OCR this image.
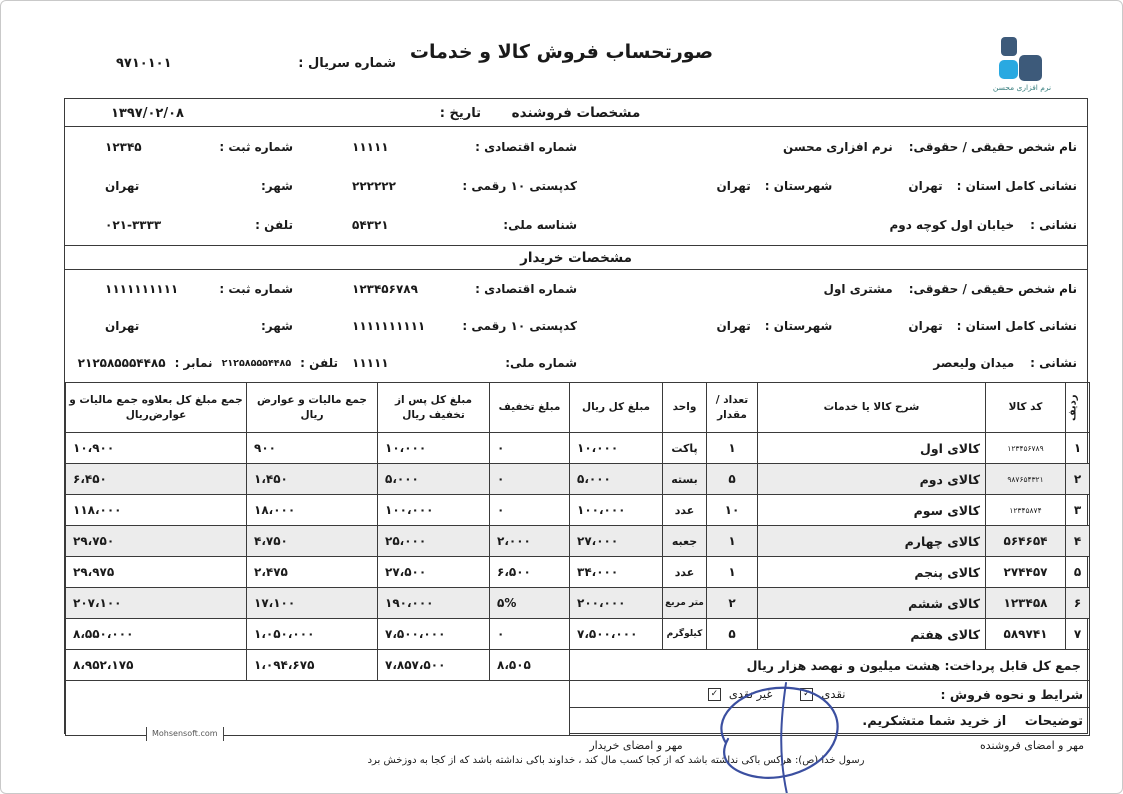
صورتحساب فروش کالا و خدمات
شماره سریال :
۹۷۱۰۱۰۱
نرم افزاری محسن
مشخصات فروشنده
تاریخ :
۱۳۹۷/۰۲/۰۸
نام شخص حقیقی / حقوقی:
نرم افزاری محسن
شماره اقتصادی :
۱۱۱۱۱
شماره ثبت :
۱۲۳۴۵
نشانی کامل استان :
تهران
شهرستان :
تهران
کدپستی ۱۰ رقمی :
۲۲۲۲۲۲
شهر:
تهران
نشانی :
خیابان اول کوچه دوم
شناسه ملی:
۵۴۳۲۱
تلفن :
۰۲۱-۳۳۳۳
مشخصات خریدار
نام شخص حقیقی / حقوقی:
مشتری اول
شماره اقتصادی :
۱۲۳۴۵۶۷۸۹
شماره ثبت :
۱۱۱۱۱۱۱۱۱۱
نشانی کامل استان :
تهران
شهرستان :
تهران
کدپستی ۱۰ رقمی :
۱۱۱۱۱۱۱۱۱۱
شهر:
تهران
نشانی :
میدان ولیعصر
شماره ملی:
۱۱۱۱۱
تلفن :
۲۱۲۵۸۵۵۵۴۴۸۵
نمابر :
۲۱۲۵۸۵۵۵۴۴۸۵
ردیف	کد کالا	شرح کالا یا خدمات	تعداد / مقدار	واحد	مبلغ کل ریال	مبلغ تخفیف	مبلغ کل پس از تخفیف ریال	جمع مالیات و عوارض ریال	جمع مبلغ کل بعلاوه جمع مالیات و عوارض‌ریال
۱	۱۲۳۴۵۶۷۸۹	کالای اول	۱	پاکت	۱۰،۰۰۰	۰	۱۰،۰۰۰	۹۰۰	۱۰،۹۰۰
۲	۹۸۷۶۵۴۳۲۱	کالای دوم	۵	بسته	۵،۰۰۰	۰	۵،۰۰۰	۱،۴۵۰	۶،۴۵۰
۳	۱۲۳۴۵۸۷۴	کالای سوم	۱۰	عدد	۱۰۰،۰۰۰	۰	۱۰۰،۰۰۰	۱۸،۰۰۰	۱۱۸،۰۰۰
۴	۵۶۴۶۵۴	کالای چهارم	۱	جعبه	۲۷،۰۰۰	۲،۰۰۰	۲۵،۰۰۰	۴،۷۵۰	۲۹،۷۵۰
۵	۲۷۴۴۵۷	کالای پنجم	۱	عدد	۳۴،۰۰۰	۶،۵۰۰	۲۷،۵۰۰	۲،۴۷۵	۲۹،۹۷۵
۶	۱۲۳۴۵۸	کالای ششم	۲	متر مربع	۲۰۰،۰۰۰	۵%	۱۹۰،۰۰۰	۱۷،۱۰۰	۲۰۷،۱۰۰
۷	۵۸۹۷۴۱	کالای هفتم	۵	کیلوگرم	۷،۵۰۰،۰۰۰	۰	۷،۵۰۰،۰۰۰	۱،۰۵۰،۰۰۰	۸،۵۵۰،۰۰۰
جمع کل قابل پرداخت: هشت میلیون و نهصد هزار ریال						۸،۵۰۵	۷،۸۵۷،۵۰۰	۱،۰۹۴،۶۷۵	۸،۹۵۲،۱۷۵

شرایط و نحوه فروش :
نقدی
✓
غیر نقدی
✓									

توضیحات از خرید شما متشکریم.									
مهر و امضای فروشنده
مهر و امضای خریدار
رسول خدا (ص): هرکس باکی نداشته باشد که از کجا کسب مال کند ، خداوند باکی نداشته باشد که از کجا به دوزخش برد
Mohsensoft.com
